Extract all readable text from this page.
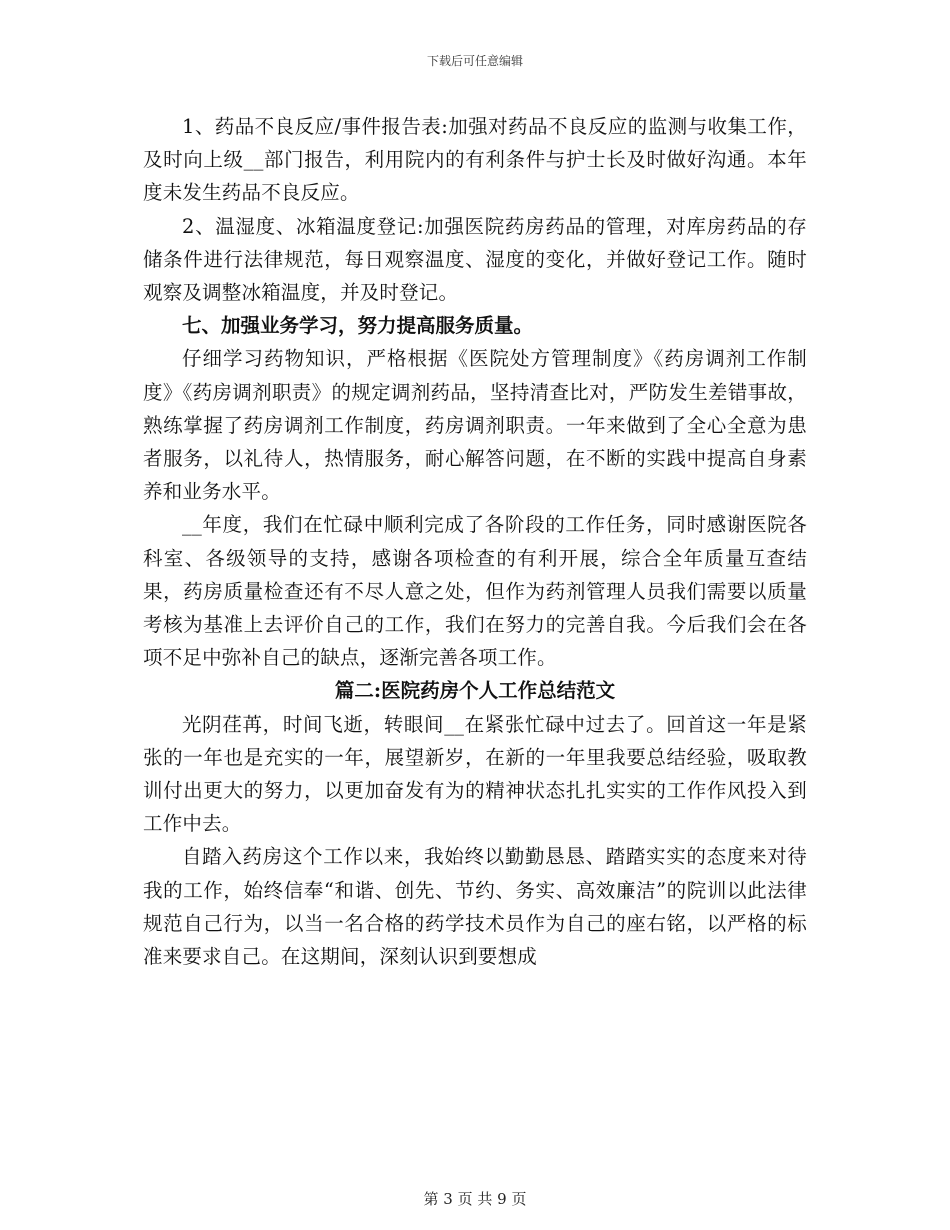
下载后可任意编辑

1、药品不良反应/事件报告表:加强对药品不良反应的监测与收集工作，及时向上级__部门报告，利用院内的有利条件与护士长及时做好沟通。本年度未发生药品不良反应。

2、温湿度、冰箱温度登记:加强医院药房药品的管理，对库房药品的存储条件进行法律规范，每日观察温度、湿度的变化，并做好登记工作。随时观察及调整冰箱温度，并及时登记。

七、加强业务学习，努力提高服务质量。

仔细学习药物知识，严格根据《医院处方管理制度》《药房调剂工作制度》《药房调剂职责》的规定调剂药品，坚持清查比对，严防发生差错事故，熟练掌握了药房调剂工作制度，药房调剂职责。一年来做到了全心全意为患者服务，以礼待人，热情服务，耐心解答问题，在不断的实践中提高自身素养和业务水平。

__年度，我们在忙碌中顺利完成了各阶段的工作任务，同时感谢医院各科室、各级领导的支持，感谢各项检查的有利开展，综合全年质量互查结果，药房质量检查还有不尽人意之处，但作为药剂管理人员我们需要以质量考核为基准上去评价自己的工作，我们在努力的完善自我。今后我们会在各项不足中弥补自己的缺点，逐渐完善各项工作。

篇二:医院药房个人工作总结范文

光阴荏苒，时间飞逝，转眼间__在紧张忙碌中过去了。回首这一年是紧张的一年也是充实的一年，展望新岁，在新的一年里我要总结经验，吸取教训付出更大的努力，以更加奋发有为的精神状态扎扎实实的工作作风投入到工作中去。

自踏入药房这个工作以来，我始终以勤勤恳恳、踏踏实实的态度来对待我的工作，始终信奉“和谐、创先、节约、务实、高效廉洁”的院训以此法律规范自己行为，以当一名合格的药学技术员作为自己的座右铭，以严格的标准来要求自己。在这期间，深刻认识到要想成

第 3 页 共 9 页
